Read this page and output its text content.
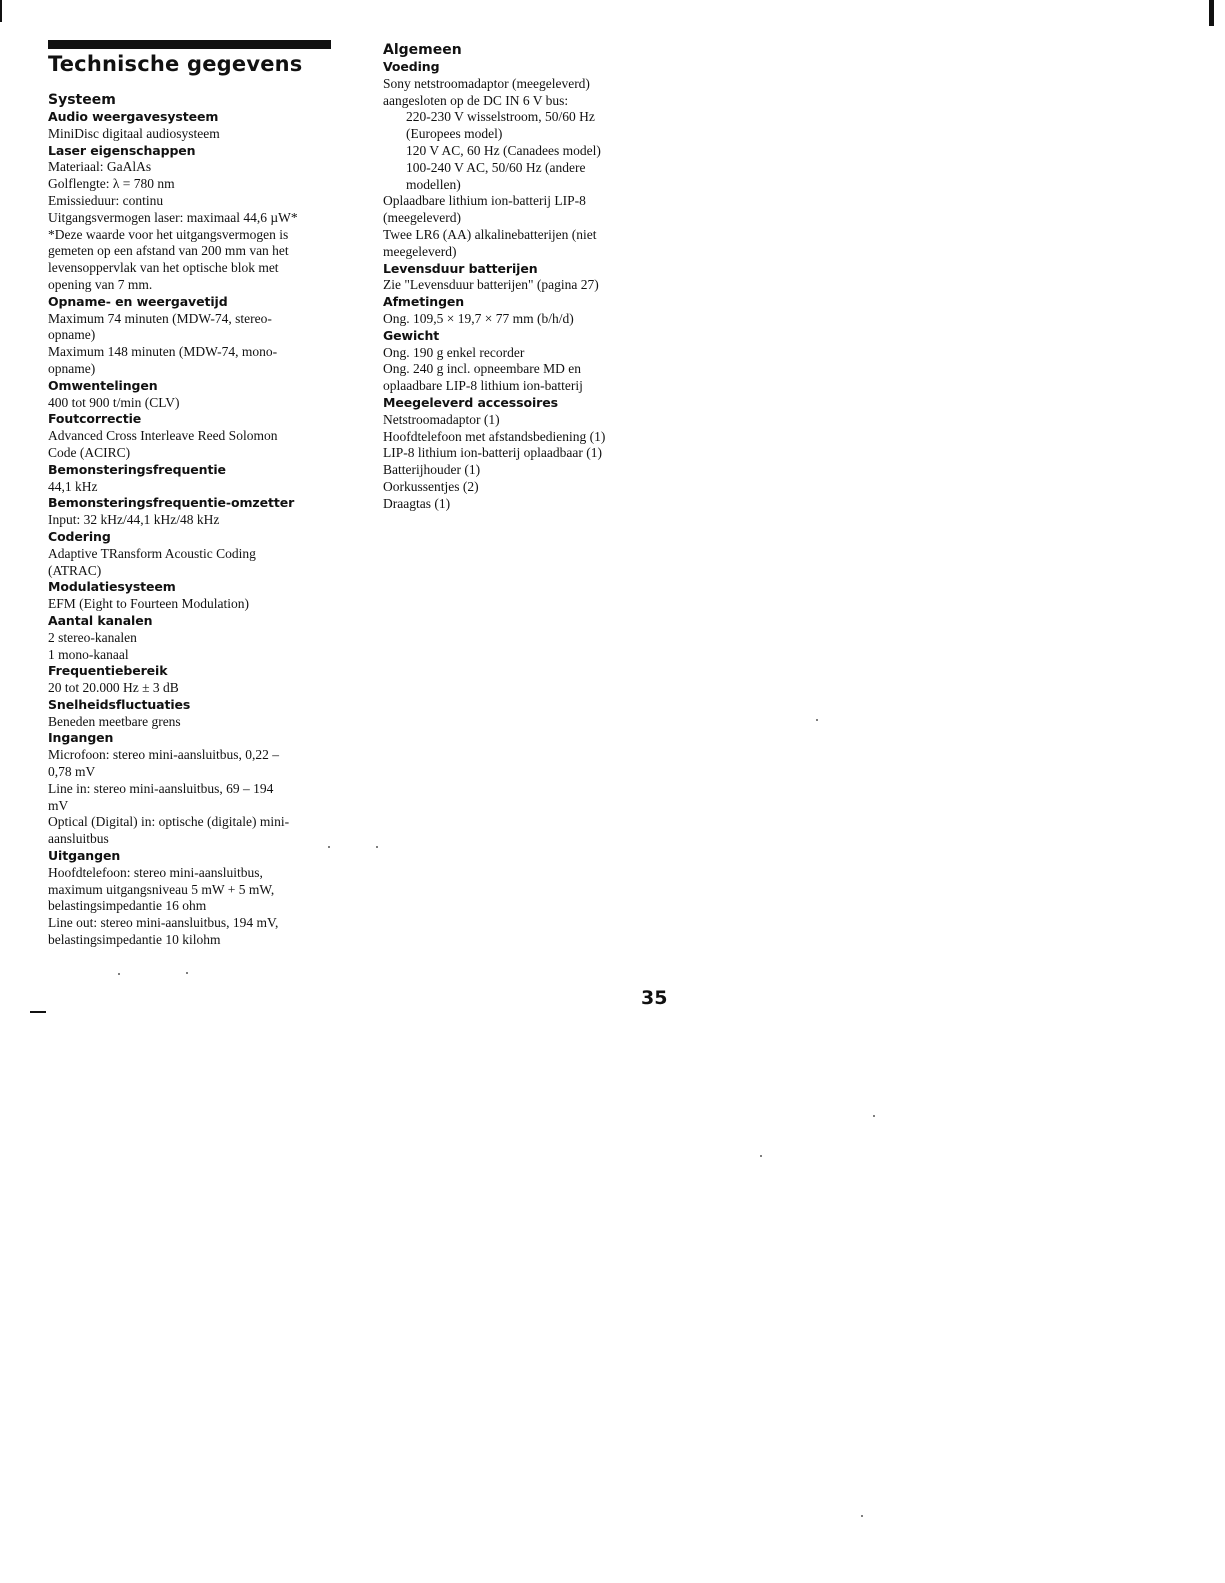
Technische gegevens
Systeem

Audio weergavesysteem

MiniDisc digitaal audiosysteem

Laser eigenschappen

Materiaal: GaAlAs

Golflengte: λ = 780 nm

Emissieduur: continu

Uitgangsvermogen laser: maximaal 44,6 µW*

*Deze waarde voor het uitgangsvermogen is

gemeten op een afstand van 200 mm van het

levensoppervlak van het optische blok met

opening van 7 mm.

Opname- en weergavetijd

Maximum 74 minuten (MDW-74, stereo-

opname)

Maximum 148 minuten (MDW-74, mono-

opname)

Omwentelingen

400 tot 900 t/min (CLV)

Foutcorrectie

Advanced Cross Interleave Reed Solomon

Code (ACIRC)

Bemonsteringsfrequentie

44,1 kHz

Bemonsteringsfrequentie-omzetter

Input: 32 kHz/44,1 kHz/48 kHz

Codering

Adaptive TRansform Acoustic Coding

(ATRAC)

Modulatiesysteem

EFM (Eight to Fourteen Modulation)

Aantal kanalen

2 stereo-kanalen

1 mono-kanaal

Frequentiebereik

20 tot 20.000 Hz ± 3 dB

Snelheidsfluctuaties

Beneden meetbare grens

Ingangen

Microfoon: stereo mini-aansluitbus, 0,22 –

0,78 mV

Line in: stereo mini-aansluitbus, 69 – 194

mV

Optical (Digital) in: optische (digitale) mini-

aansluitbus

Uitgangen

Hoofdtelefoon: stereo mini-aansluitbus,

maximum uitgangsniveau 5 mW + 5 mW,

belastingsimpedantie 16 ohm

Line out: stereo mini-aansluitbus, 194 mV,

belastingsimpedantie 10 kilohm

Algemeen

Voeding

Sony netstroomadaptor (meegeleverd)

aangesloten op de DC IN 6 V bus:

220-230 V wisselstroom, 50/60 Hz

(Europees model)

120 V AC, 60 Hz (Canadees model)

100-240 V AC, 50/60 Hz (andere

modellen)

Oplaadbare lithium ion-batterij LIP-8

(meegeleverd)

Twee LR6 (AA) alkalinebatterijen (niet

meegeleverd)

Levensduur batterijen

Zie "Levensduur batterijen" (pagina 27)

Afmetingen

Ong. 109,5 × 19,7 × 77 mm (b/h/d)

Gewicht

Ong. 190 g enkel recorder

Ong. 240 g incl. opneembare MD en

oplaadbare LIP-8 lithium ion-batterij

Meegeleverd accessoires

Netstroomadaptor (1)

Hoofdtelefoon met afstandsbediening (1)

LIP-8 lithium ion-batterij oplaadbaar (1)

Batterijhouder (1)

Oorkussentjes (2)

Draagtas (1)

35
